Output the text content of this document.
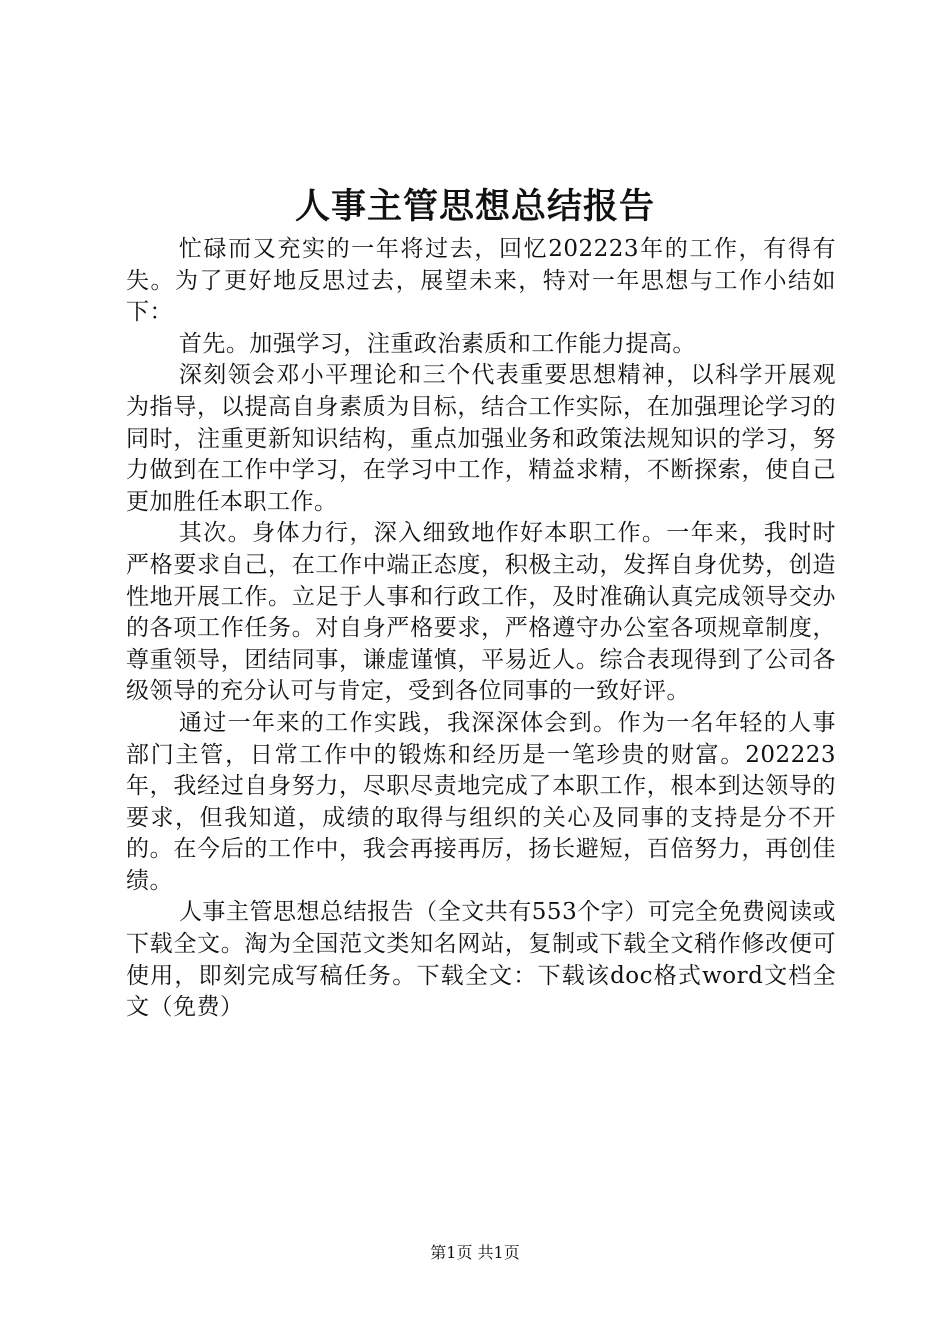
人事主管思想总结报告

忙碌而又充实的一年将过去，回忆202223年的工作，有得有失。为了更好地反思过去，展望未来，特对一年思想与工作小结如下：

首先。加强学习，注重政治素质和工作能力提高。

深刻领会邓小平理论和三个代表重要思想精神，以科学开展观为指导，以提高自身素质为目标，结合工作实际，在加强理论学习的同时，注重更新知识结构，重点加强业务和政策法规知识的学习，努力做到在工作中学习，在学习中工作，精益求精，不断探索，使自己更加胜任本职工作。

其次。身体力行，深入细致地作好本职工作。一年来，我时时严格要求自己，在工作中端正态度，积极主动，发挥自身优势，创造性地开展工作。立足于人事和行政工作，及时准确认真完成领导交办的各项工作任务。对自身严格要求，严格遵守办公室各项规章制度，尊重领导，团结同事，谦虚谨慎，平易近人。综合表现得到了公司各级领导的充分认可与肯定，受到各位同事的一致好评。

通过一年来的工作实践，我深深体会到。作为一名年轻的人事部门主管，日常工作中的锻炼和经历是一笔珍贵的财富。202223年，我经过自身努力，尽职尽责地完成了本职工作，根本到达领导的要求，但我知道，成绩的取得与组织的关心及同事的支持是分不开的。在今后的工作中，我会再接再厉，扬长避短，百倍努力，再创佳绩。

人事主管思想总结报告（全文共有553个字）可完全免费阅读或下载全文。淘为全国范文类知名网站，复制或下载全文稍作修改便可使用，即刻完成写稿任务。下载全文：下载该doc格式word文档全文（免费）

第1页 共1页
